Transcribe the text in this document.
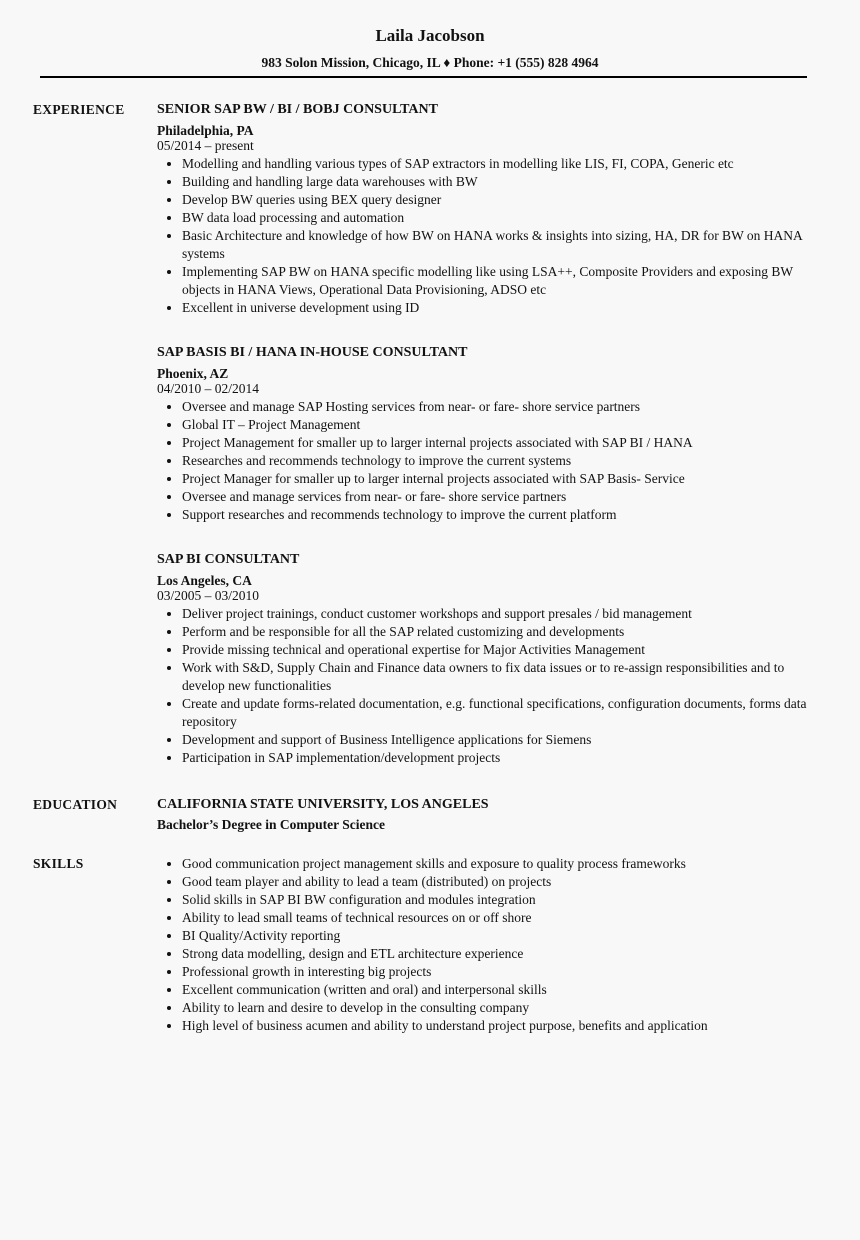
Laila Jacobson

983 Solon Mission, Chicago, IL ♦ Phone: +1 (555) 828 4964

EXPERIENCE	SENIOR SAP BW / BI / BOBJ CONSULTANT
Philadelphia, PA
05/2014 – present
• Modelling and handling various types of SAP extractors in modelling like LIS, FI, COPA, Generic etc
• Building and handling large data warehouses with BW
• Develop BW queries using BEX query designer
• BW data load processing and automation
• Basic Architecture and knowledge of how BW on HANA works & insights into sizing, HA, DR for BW on HANA systems
• Implementing SAP BW on HANA specific modelling like using LSA++, Composite Providers and exposing BW objects in HANA Views, Operational Data Provisioning, ADSO etc
• Excellent in universe development using ID
SAP BASIS BI / HANA IN-HOUSE CONSULTANT
Phoenix, AZ
04/2010 – 02/2014
• Oversee and manage SAP Hosting services from near- or fare- shore service partners
• Global IT – Project Management
• Project Management for smaller up to larger internal projects associated with SAP BI / HANA
• Researches and recommends technology to improve the current systems
• Project Manager for smaller up to larger internal projects associated with SAP Basis- Service
• Oversee and manage services from near- or fare- shore service partners
• Support researches and recommends technology to improve the current platform
SAP BI CONSULTANT
Los Angeles, CA
03/2005 – 03/2010
• Deliver project trainings, conduct customer workshops and support presales / bid management
• Perform and be responsible for all the SAP related customizing and developments
• Provide missing technical and operational expertise for Major Activities Management
• Work with S&D, Supply Chain and Finance data owners to fix data issues or to re-assign responsibilities and to develop new functionalities
• Create and update forms-related documentation, e.g. functional specifications, configuration documents, forms data repository
• Development and support of Business Intelligence applications for Siemens
• Participation in SAP implementation/development projects
EDUCATION	CALIFORNIA STATE UNIVERSITY, LOS ANGELES
Bachelor’s Degree in Computer Science
SKILLS	• Good communication project management skills and exposure to quality process frameworks
• Good team player and ability to lead a team (distributed) on projects
• Solid skills in SAP BI BW configuration and modules integration
• Ability to lead small teams of technical resources on or off shore
• BI Quality/Activity reporting
• Strong data modelling, design and ETL architecture experience
• Professional growth in interesting big projects
• Excellent communication (written and oral) and interpersonal skills
• Ability to learn and desire to develop in the consulting company
• High level of business acumen and ability to understand project purpose, benefits and application
